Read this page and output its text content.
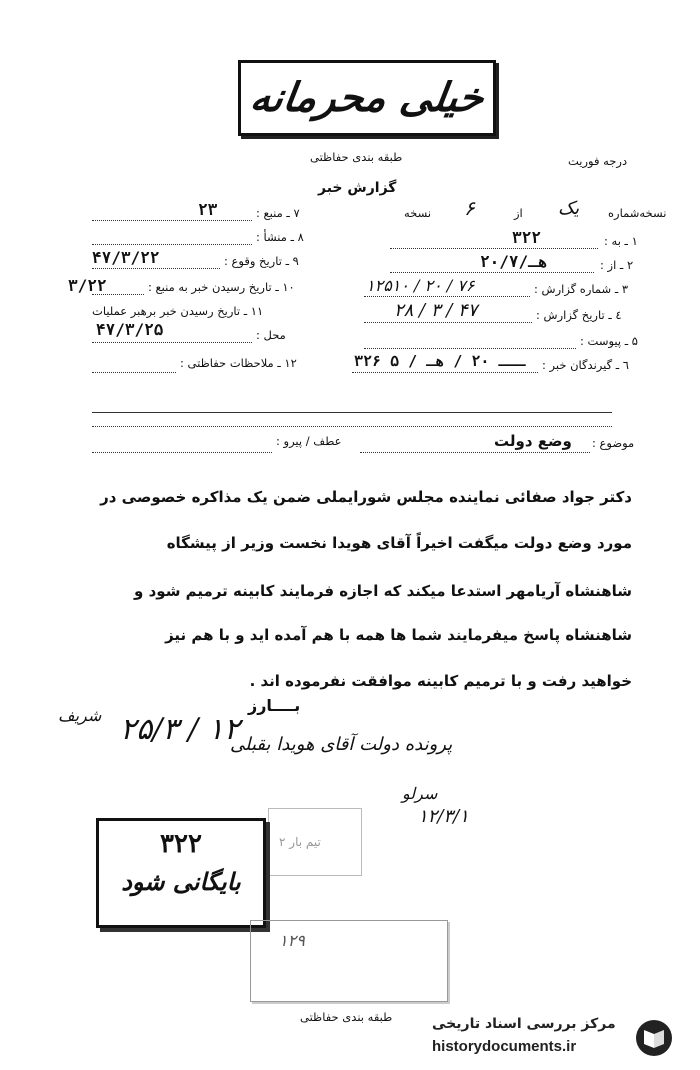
خیلی محرمانه
طبقه بندی حفاظتی	درجه فوریت
گزارش خبر
نسخه‌شماره
یک
از
۶
نسخه
۱ ـ به :
۳۲۲
۲ ـ از :
۲۰/هـ/۷
۳ ـ شماره گزارش :
۱۲۵۱۰ / ۲۰ / ۷۶
٤ ـ تاریخ گزارش :
۲۸ / ۳ / ۴۷
۵ ـ پیوست :
٦ ـ گیرندگان خبر :
۳۲۶ ـــ ۲۰ / هـ / ۵
۷ ـ منبع :
۲۳
۸ ـ منشأ :
۹ ـ تاریخ وقوع :
۴۷/۳/۲۲
۱۰ ـ تاریخ رسیدن خبر به منبع :
۳/۲۲
۱۱ ـ تاریخ رسیدن خبر برهبر عملیات
محل :
۴۷/۳/۲۵
۱۲ ـ ملاحظات حفاظتی :
موضوع :
وضع دولت
عطف / پیرو :
دکتر جواد صفائی نماینده مجلس شورایملی ضمن یک مذاکره خصوصی در
مورد وضع دولت میگفت اخیراً آقای هویدا نخست وزیر از پیشگاه
شاهنشاه آریامهر استدعا میکند که اجازه فرمایند کابینه ترمیم شود و
شاهنشاه پاسخ میفرمایند شما ها همه با هم آمده اید و با هم نیز
خواهید رفت و با ترمیم کابینه موافقت نفرموده اند .
بــــارز
۲۵/۳ / ۱۲
شریف
پرونده دولت آقای هویدا بقبلی
سرلو
۱۲/۳/۱
تیم بار ۲
۳۲۲
بایگانی شود
۱۲۹
طبقه بندی حفاظتی	مرکز بررسی اسناد تاریخی
historydocuments.ir
